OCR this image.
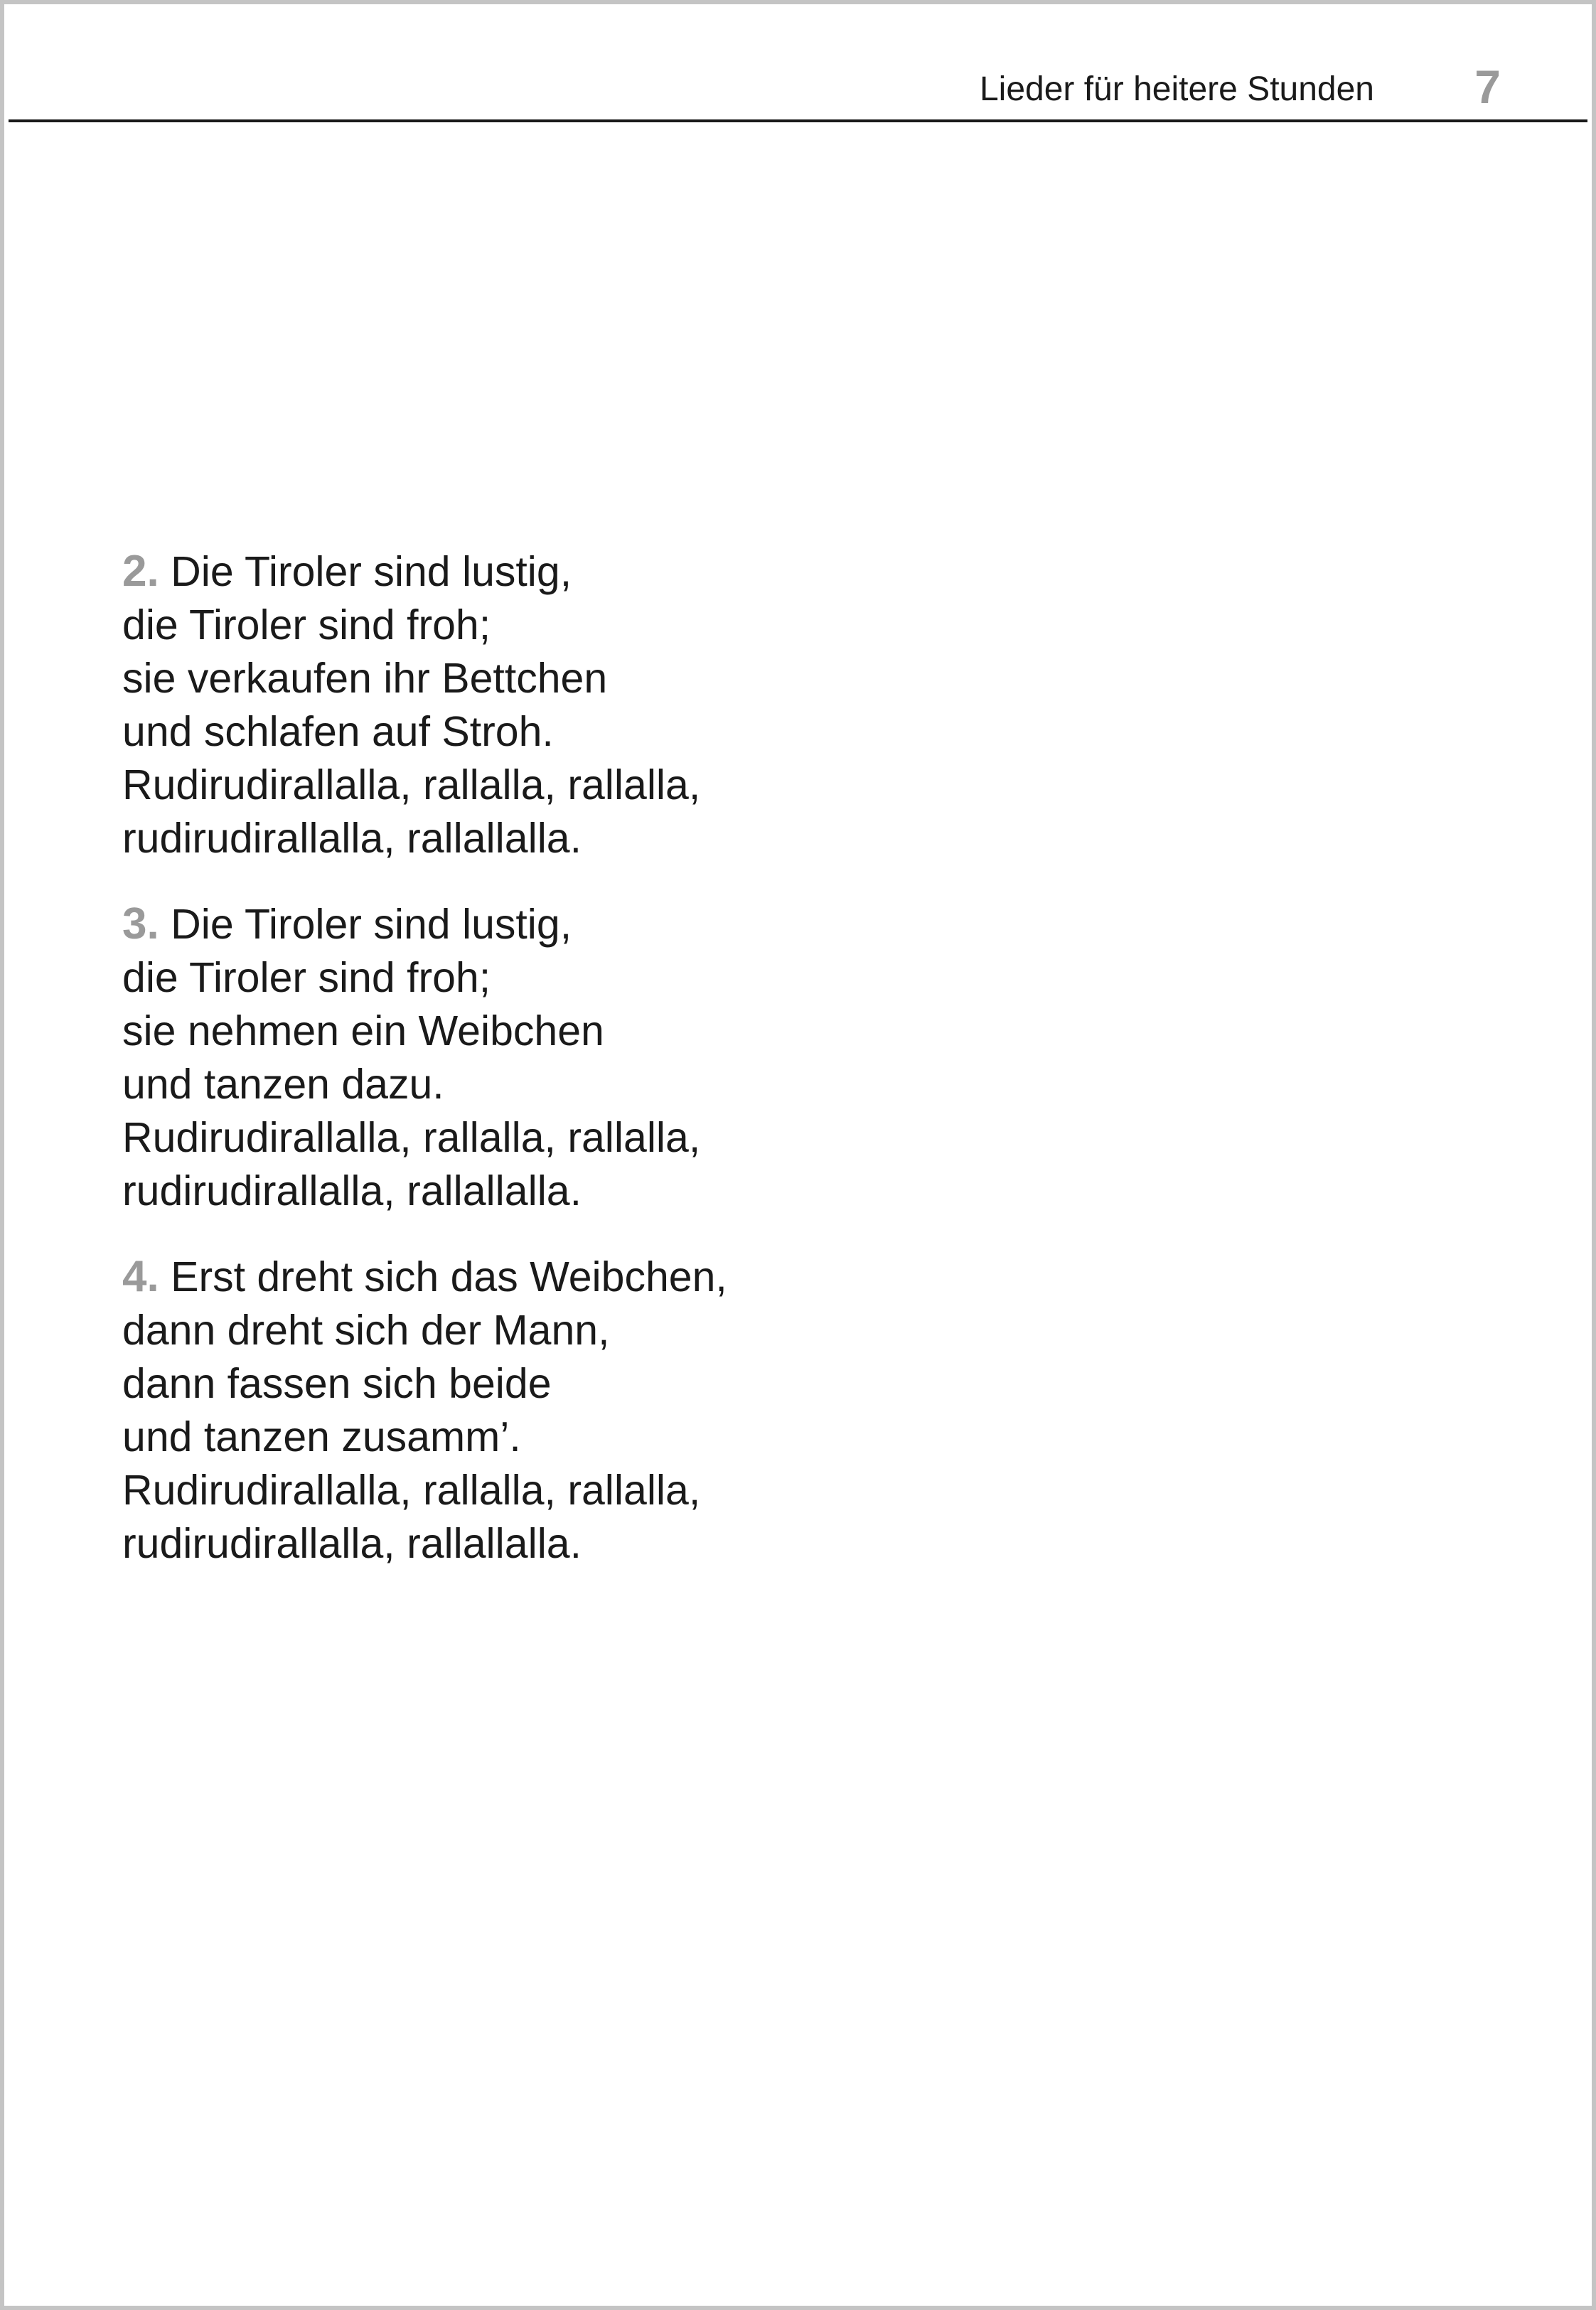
Lieder für heitere Stunden 7
2. Die Tiroler sind lustig,
die Tiroler sind froh;
sie verkaufen ihr Bettchen
und schlafen auf Stroh.
Rudirudirallalla, rallalla, rallalla,
rudirudirallalla, rallallalla.
3. Die Tiroler sind lustig,
die Tiroler sind froh;
sie nehmen ein Weibchen
und tanzen dazu.
Rudirudirallalla, rallalla, rallalla,
rudirudirallalla, rallallalla.
4. Erst dreht sich das Weibchen,
dann dreht sich der Mann,
dann fassen sich beide
und tanzen zusamm’.
Rudirudirallalla, rallalla, rallalla,
rudirudirallalla, rallallalla.
